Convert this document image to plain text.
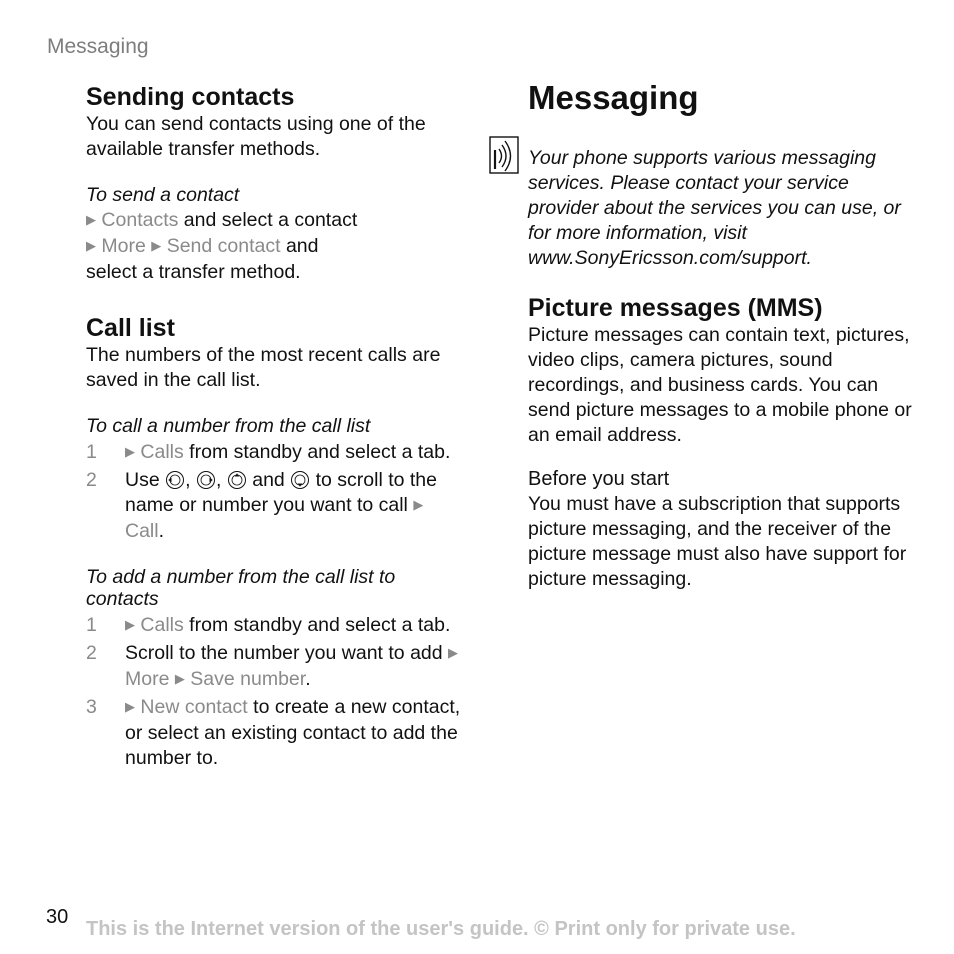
Messaging
Sending contacts

You can send contacts using one of the available transfer methods.

To send a contact

▶ Contacts and select a contact

▶ More ▶ Send contact and

select a transfer method.

Call list

The numbers of the most recent calls are saved in the call list.

To call a number from the call list

1	▶ Calls from standby and select a tab.
2	Use , , and  to scroll to the name or number you want to call ▶ Call.

To add a number from the call list to contacts

1	▶ Calls from standby and select a tab.
2	Scroll to the number you want to add ▶ More ▶ Save number.
3	▶ New contact to create a new contact, or select an existing contact to add the number to.
Messaging

Your phone supports various messaging services. Please contact your service provider about the services you can use, or for more information, visit www.SonyEricsson.com/support.

Picture messages (MMS)

Picture messages can contain text, pictures, video clips, camera pictures, sound recordings, and business cards. You can send picture messages to a mobile phone or an email address.

Before you start

You must have a subscription that supports picture messaging, and the receiver of the picture message must also have support for picture messaging.

30
This is the Internet version of the user's guide. © Print only for private use.
